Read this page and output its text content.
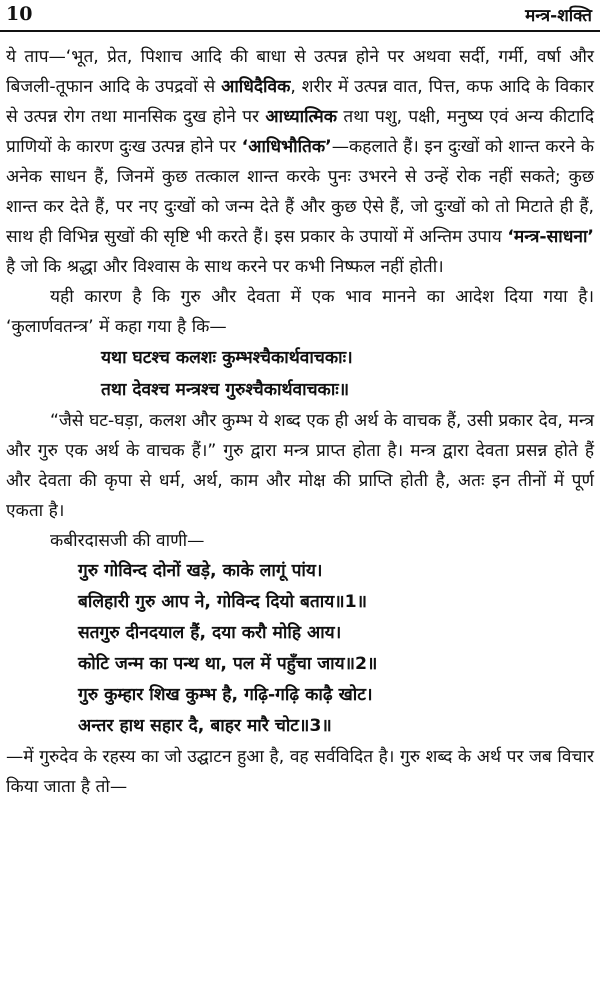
10	मन्त्र-शक्ति

ये ताप—‘भूत, प्रेत, पिशाच आदि की बाधा से उत्पन्न होने पर अथवा सर्दी, गर्मी, वर्षा और बिजली-तूफान आदि के उपद्रवों से आधिदैविक, शरीर में उत्पन्न वात, पित्त, कफ आदि के विकार से उत्पन्न रोग तथा मानसिक दुख होने पर आध्यात्मिक तथा पशु, पक्षी, मनुष्य एवं अन्य कीटादि प्राणियों के कारण दुःख उत्पन्न होने पर ‘आधिभौतिक’—कहलाते हैं। इन दुःखों को शान्त करने के अनेक साधन हैं, जिनमें कुछ तत्काल शान्त करके पुनः उभरने से उन्हें रोक नहीं सकते; कुछ शान्त कर देते हैं, पर नए दुःखों को जन्म देते हैं और कुछ ऐसे हैं, जो दुःखों को तो मिटाते ही हैं, साथ ही विभिन्न सुखों की सृष्टि भी करते हैं। इस प्रकार के उपायों में अन्तिम उपाय ‘मन्त्र-साधना’ है जो कि श्रद्धा और विश्वास के साथ करने पर कभी निष्फल नहीं होती।

यही कारण है कि गुरु और देवता में एक भाव मानने का आदेश दिया गया है। ‘कुलार्णवतन्त्र’ में कहा गया है कि—

यथा घटश्च कलशः कुम्भश्चैकार्थवाचकाः।
तथा देवश्च मन्त्रश्च गुरुश्चैकार्थवाचकाः॥

“जैसे घट-घड़ा, कलश और कुम्भ ये शब्द एक ही अर्थ के वाचक हैं, उसी प्रकार देव, मन्त्र और गुरु एक अर्थ के वाचक हैं।” गुरु द्वारा मन्त्र प्राप्त होता है। मन्त्र द्वारा देवता प्रसन्न होते हैं और देवता की कृपा से धर्म, अर्थ, काम और मोक्ष की प्राप्ति होती है, अतः इन तीनों में पूर्ण एकता है।

कबीरदासजी की वाणी—

गुरु गोविन्द दोनों खड़े, काके लागूं पांय।
बलिहारी गुरु आप ने, गोविन्द दियो बताय॥1॥
सतगुरु दीनदयाल हैं, दया करौ मोहि आय।
कोटि जन्म का पन्थ था, पल में पहुँचा जाय॥2॥
गुरु कुम्हार शिख कुम्भ है, गढ़ि-गढ़ि काढ़ै खोट।
अन्तर हाथ सहार दै, बाहर मारै चोट॥3॥

—में गुरुदेव के रहस्य का जो उद्घाटन हुआ है, वह सर्वविदित है। गुरु शब्द के अर्थ पर जब विचार किया जाता है तो—
